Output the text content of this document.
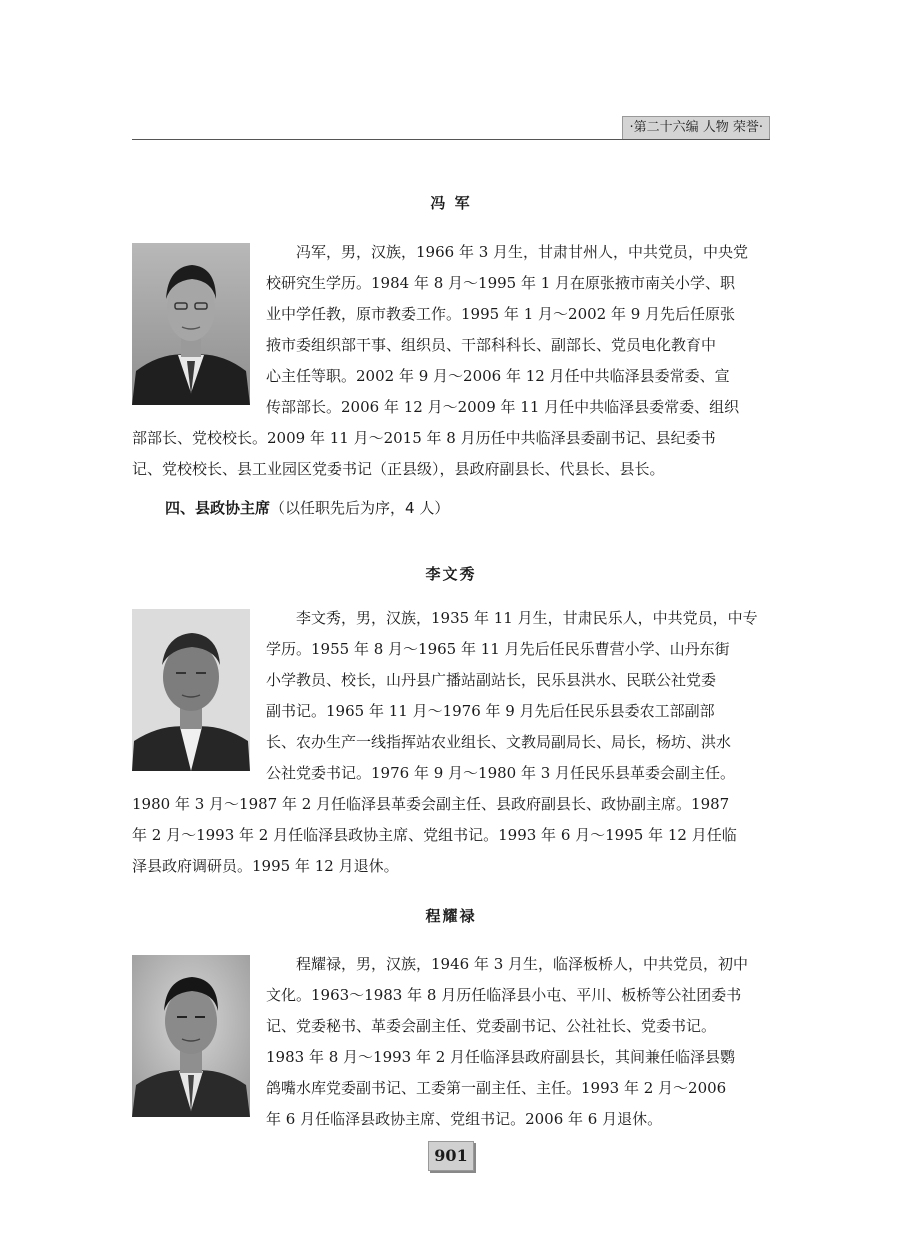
·第二十六编 人物 荣誉·
冯 军
冯军，男，汉族，1966 年 3 月生，甘肃甘州人，中共党员，中央党
校研究生学历。1984 年 8 月～1995 年 1 月在原张掖市南关小学、职
业中学任教，原市教委工作。1995 年 1 月～2002 年 9 月先后任原张
掖市委组织部干事、组织员、干部科科长、副部长、党员电化教育中
心主任等职。2002 年 9 月～2006 年 12 月任中共临泽县委常委、宣
传部部长。2006 年 12 月～2009 年 11 月任中共临泽县委常委、组织
部部长、党校校长。2009 年 11 月～2015 年 8 月历任中共临泽县委副书记、县纪委书
记、党校校长、县工业园区党委书记（正县级），县政府副县长、代县长、县长。
四、县政协主席（以任职先后为序，4 人）
李文秀
李文秀，男，汉族，1935 年 11 月生，甘肃民乐人，中共党员，中专
学历。1955 年 8 月～1965 年 11 月先后任民乐曹营小学、山丹东街
小学教员、校长，山丹县广播站副站长，民乐县洪水、民联公社党委
副书记。1965 年 11 月～1976 年 9 月先后任民乐县委农工部副部
长、农办生产一线指挥站农业组长、文教局副局长、局长，杨坊、洪水
公社党委书记。1976 年 9 月～1980 年 3 月任民乐县革委会副主任。
1980 年 3 月～1987 年 2 月任临泽县革委会副主任、县政府副县长、政协副主席。1987
年 2 月～1993 年 2 月任临泽县政协主席、党组书记。1993 年 6 月～1995 年 12 月任临
泽县政府调研员。1995 年 12 月退休。
程耀禄
程耀禄，男，汉族，1946 年 3 月生，临泽板桥人，中共党员，初中
文化。1963～1983 年 8 月历任临泽县小屯、平川、板桥等公社团委书
记、党委秘书、革委会副主任、党委副书记、公社社长、党委书记。
1983 年 8 月～1993 年 2 月任临泽县政府副县长，其间兼任临泽县鹦
鸽嘴水库党委副书记、工委第一副主任、主任。1993 年 2 月～2006
年 6 月任临泽县政协主席、党组书记。2006 年 6 月退休。
901
